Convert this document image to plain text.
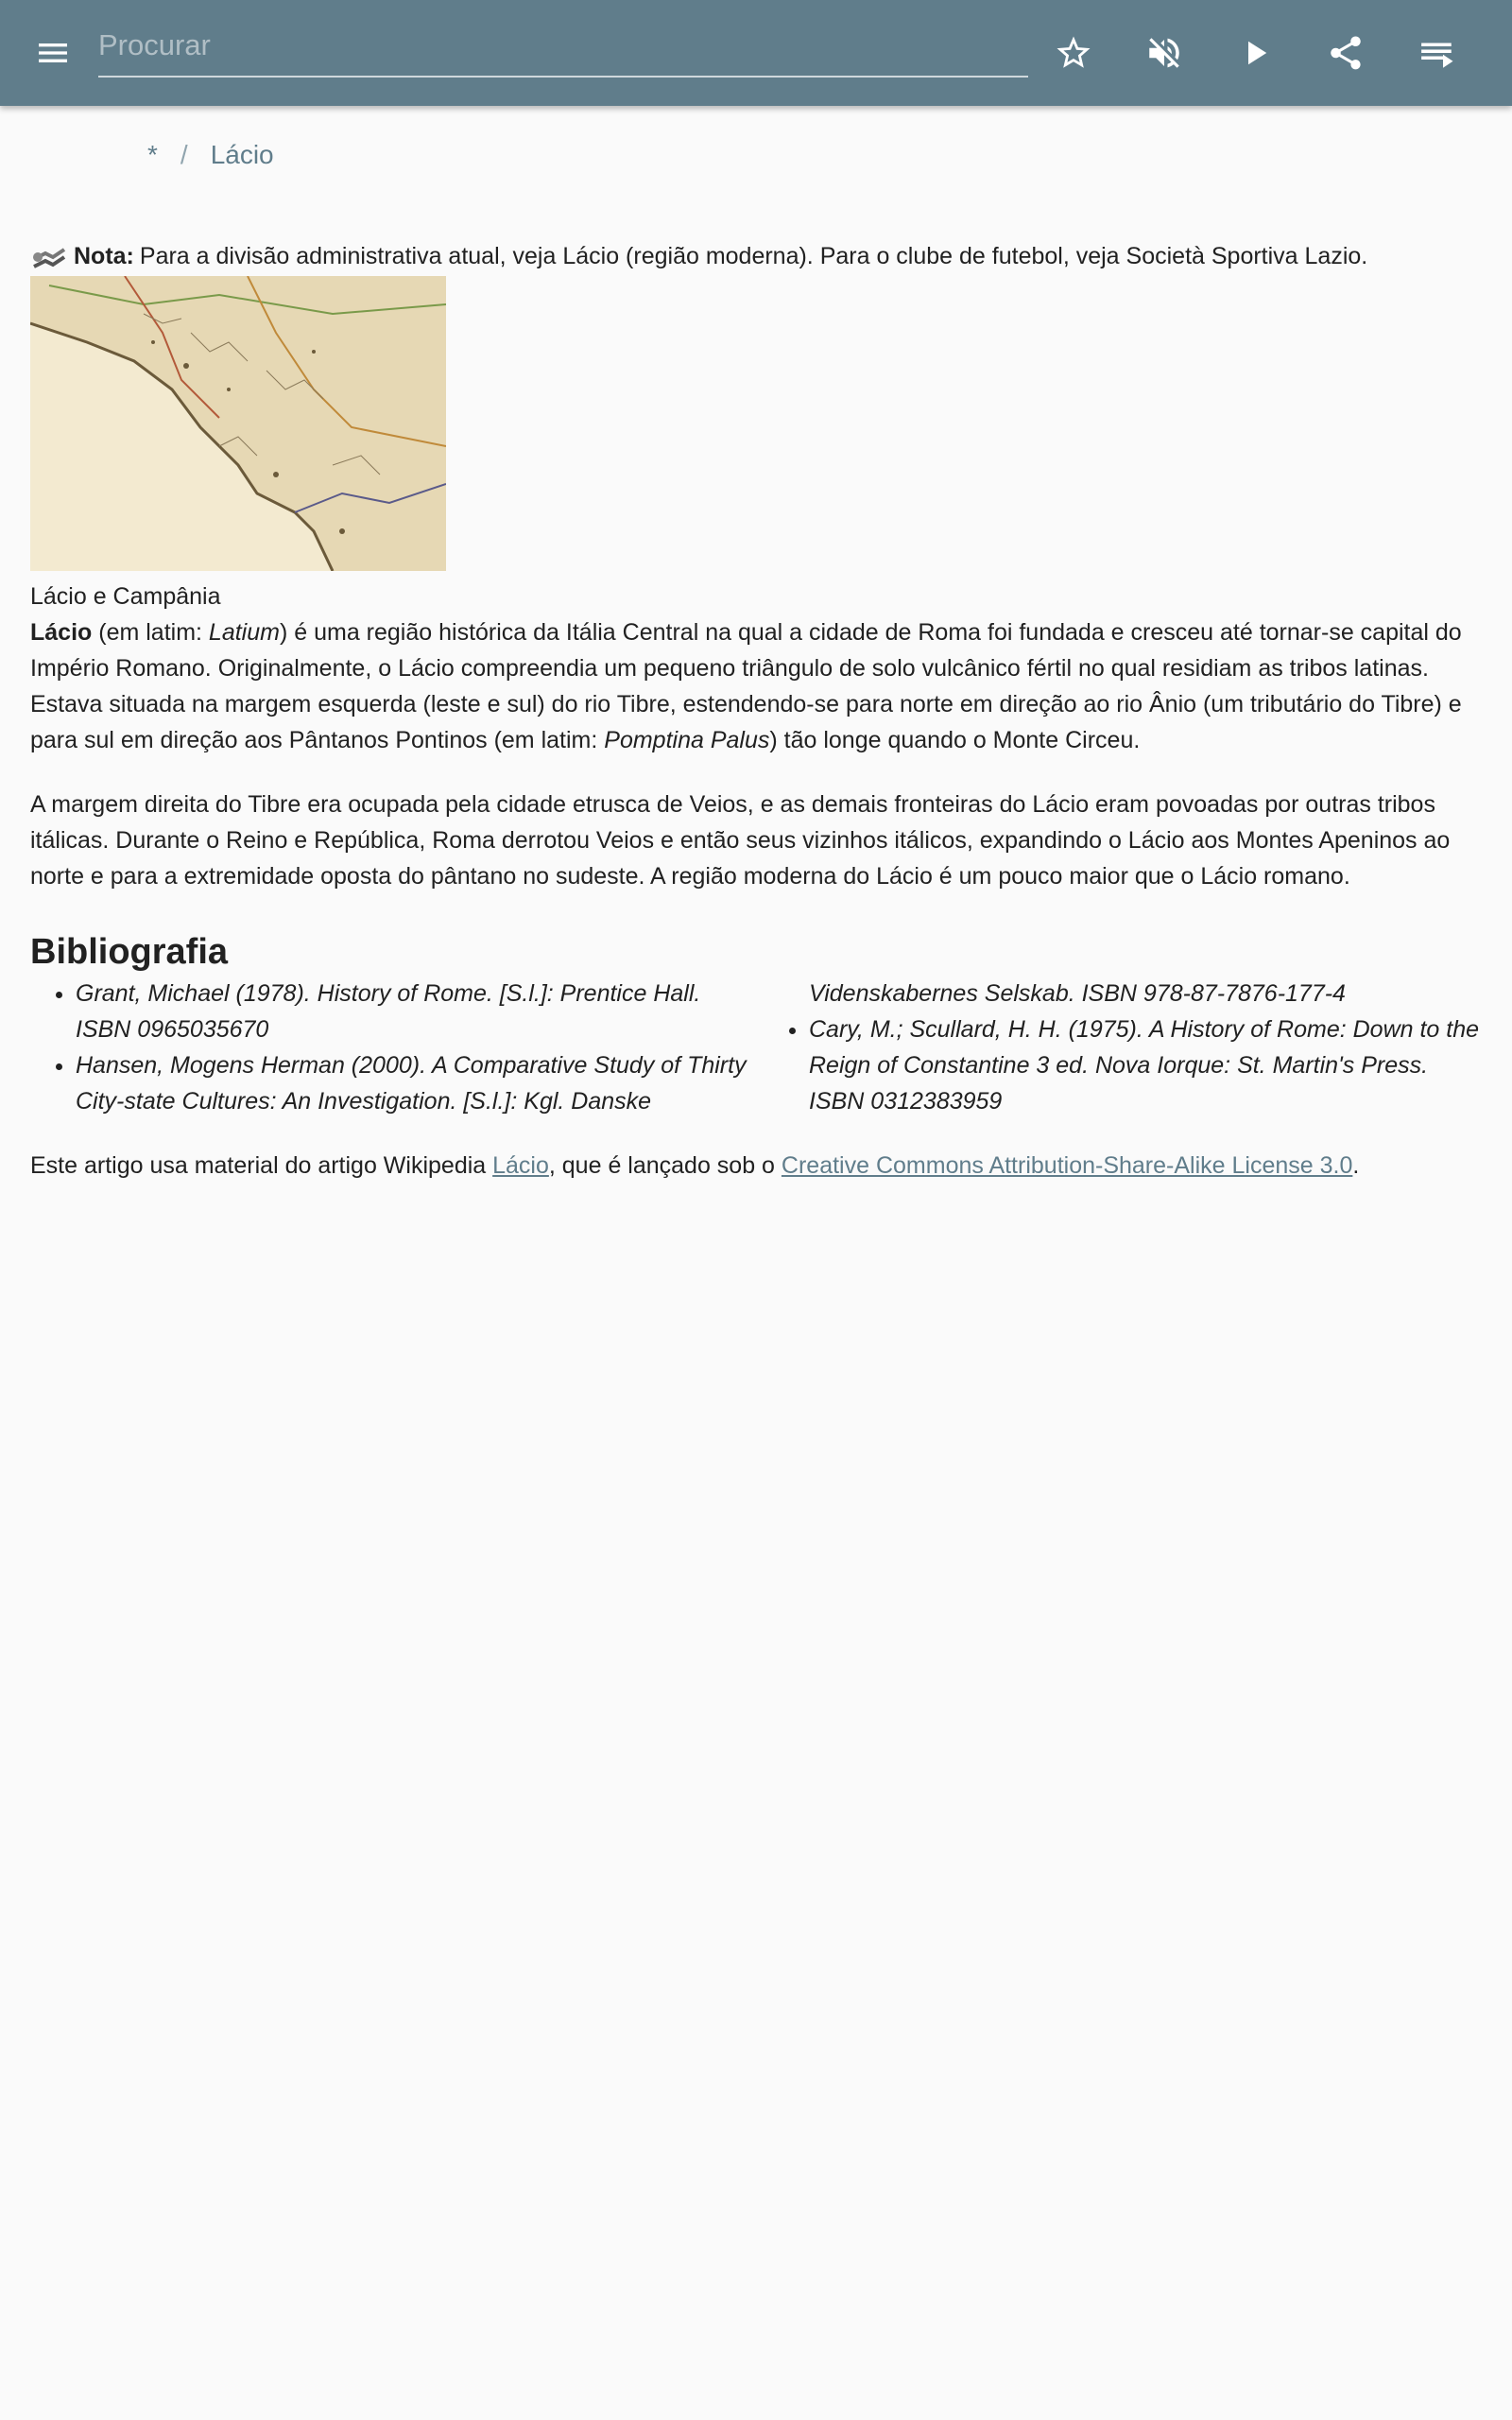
Procurar
* / Lácio
Nota: Para a divisão administrativa atual, veja Lácio (região moderna). Para o clube de futebol, veja Società Sportiva Lazio.
Lácio e Campânia

Lácio (em latim: Latium) é uma região histórica da Itália Central na qual a cidade de Roma foi fundada e cresceu até tornar-se capital do Império Romano. Originalmente, o Lácio compreendia um pequeno triângulo de solo vulcânico fértil no qual residiam as tribos latinas. Estava situada na margem esquerda (leste e sul) do rio Tibre, estendendo-se para norte em direção ao rio Ânio (um tributário do Tibre) e para sul em direção aos Pântanos Pontinos (em latim: Pomptina Palus) tão longe quando o Monte Circeu.

A margem direita do Tibre era ocupada pela cidade etrusca de Veios, e as demais fronteiras do Lácio eram povoadas por outras tribos itálicas. Durante o Reino e República, Roma derrotou Veios e então seus vizinhos itálicos, expandindo o Lácio aos Montes Apeninos ao norte e para a extremidade oposta do pântano no sudeste. A região moderna do Lácio é um pouco maior que o Lácio romano.

Bibliografia
• Grant, Michael (1978). History of Rome. [S.l.]: Prentice Hall. ISBN 0965035670
• Hansen, Mogens Herman (2000). A Comparative Study of Thirty City-state Cultures: An Investigation. [S.l.]: Kgl. Danske Videnskabernes Selskab. ISBN 978-87-7876-177-4
• Cary, M.; Scullard, H. H. (1975). A History of Rome: Down to the Reign of Constantine 3 ed. Nova Iorque: St. Martin's Press. ISBN 0312383959

Este artigo usa material do artigo Wikipedia Lácio, que é lançado sob o Creative Commons Attribution-Share-Alike License 3.0.
